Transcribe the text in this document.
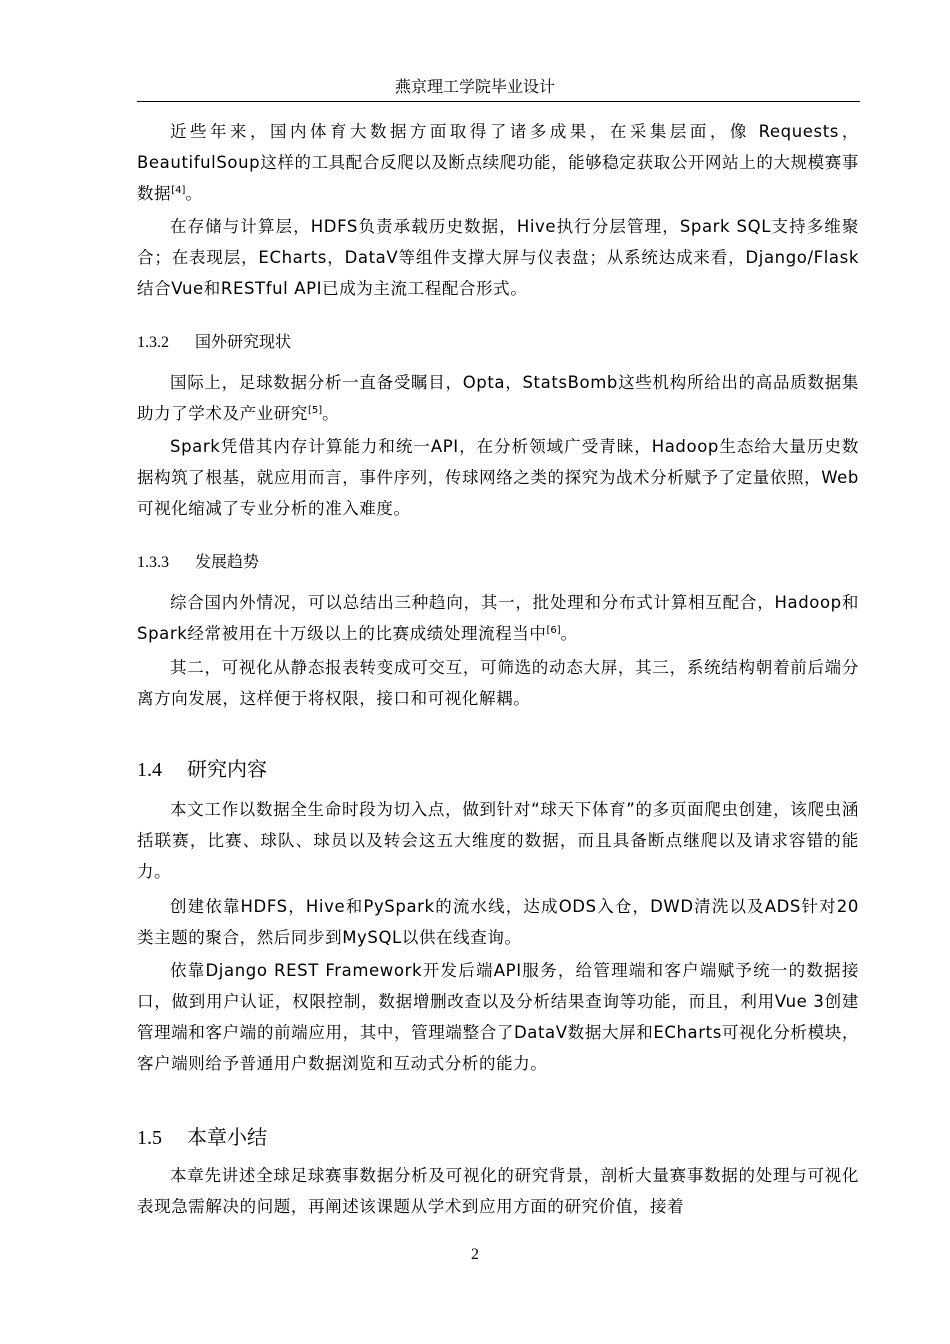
燕京理工学院毕业设计

近些年来，国内体育大数据方面取得了诸多成果，在采集层面，像 Requests，BeautifulSoup这样的工具配合反爬以及断点续爬功能，能够稳定获取公开网站上的大规模赛事数据[4]。

在存储与计算层，HDFS负责承载历史数据，Hive执行分层管理，Spark SQL支持多维聚合；在表现层，ECharts，DataV等组件支撑大屏与仪表盘；从系统达成来看，Django/Flask结合Vue和RESTful API已成为主流工程配合形式。

1.3.2 国外研究现状

国际上，足球数据分析一直备受瞩目，Opta，StatsBomb这些机构所给出的高品质数据集助力了学术及产业研究[5]。

Spark凭借其内存计算能力和统一API，在分析领域广受青睐，Hadoop生态给大量历史数据构筑了根基，就应用而言，事件序列，传球网络之类的探究为战术分析赋予了定量依照，Web可视化缩减了专业分析的准入难度。

1.3.3 发展趋势

综合国内外情况，可以总结出三种趋向，其一，批处理和分布式计算相互配合，Hadoop和Spark经常被用在十万级以上的比赛成绩处理流程当中[6]。

其二，可视化从静态报表转变成可交互，可筛选的动态大屏，其三，系统结构朝着前后端分离方向发展，这样便于将权限，接口和可视化解耦。

1.4 研究内容

本文工作以数据全生命时段为切入点，做到针对“球天下体育”的多页面爬虫创建，该爬虫涵括联赛，比赛、球队、球员以及转会这五大维度的数据，而且具备断点继爬以及请求容错的能力。

创建依靠HDFS，Hive和PySpark的流水线，达成ODS入仓，DWD清洗以及ADS针对20类主题的聚合，然后同步到MySQL以供在线查询。

依靠Django REST Framework开发后端API服务，给管理端和客户端赋予统一的数据接口，做到用户认证，权限控制，数据增删改查以及分析结果查询等功能，而且，利用Vue 3创建管理端和客户端的前端应用，其中，管理端整合了DataV数据大屏和ECharts可视化分析模块，客户端则给予普通用户数据浏览和互动式分析的能力。

1.5 本章小结

本章先讲述全球足球赛事数据分析及可视化的研究背景，剖析大量赛事数据的处理与可视化表现急需解决的问题，再阐述该课题从学术到应用方面的研究价值，接着

2
